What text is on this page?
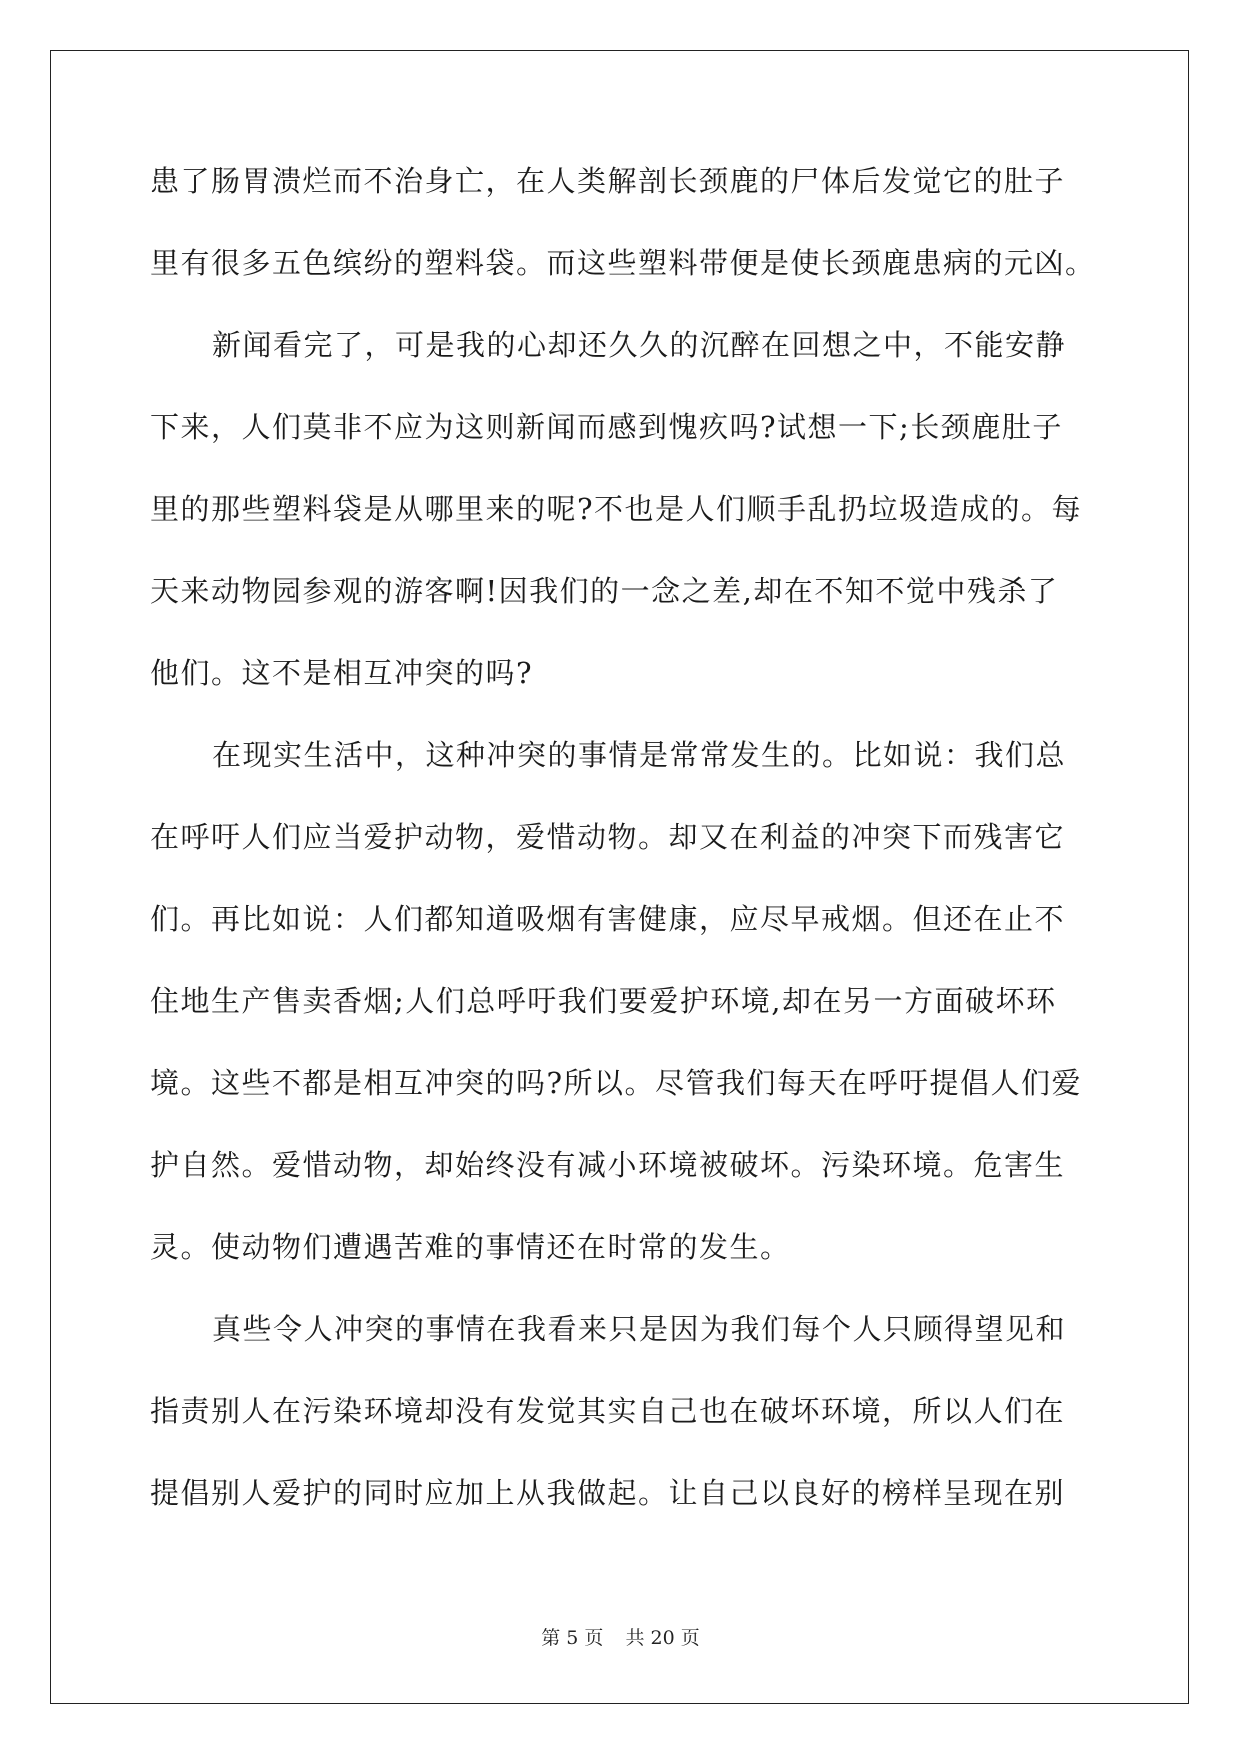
患了肠胃溃烂而不治身亡，在人类解剖长颈鹿的尸体后发觉它的肚子
里有很多五色缤纷的塑料袋。而这些塑料带便是使长颈鹿患病的元凶。
新闻看完了，可是我的心却还久久的沉醉在回想之中，不能安静
下来，人们莫非不应为这则新闻而感到愧疚吗?试想一下;长颈鹿肚子
里的那些塑料袋是从哪里来的呢?不也是人们顺手乱扔垃圾造成的。每
天来动物园参观的游客啊!因我们的一念之差,却在不知不觉中残杀了
他们。这不是相互冲突的吗?
在现实生活中，这种冲突的事情是常常发生的。比如说：我们总
在呼吁人们应当爱护动物，爱惜动物。却又在利益的冲突下而残害它
们。再比如说：人们都知道吸烟有害健康，应尽早戒烟。但还在止不
住地生产售卖香烟;人们总呼吁我们要爱护环境,却在另一方面破坏环
境。这些不都是相互冲突的吗?所以。尽管我们每天在呼吁提倡人们爱
护自然。爱惜动物，却始终没有减小环境被破坏。污染环境。危害生
灵。使动物们遭遇苦难的事情还在时常的发生。
真些令人冲突的事情在我看来只是因为我们每个人只顾得望见和
指责别人在污染环境却没有发觉其实自己也在破坏环境，所以人们在
提倡别人爱护的同时应加上从我做起。让自己以良好的榜样呈现在别
第 5 页 共 20 页
